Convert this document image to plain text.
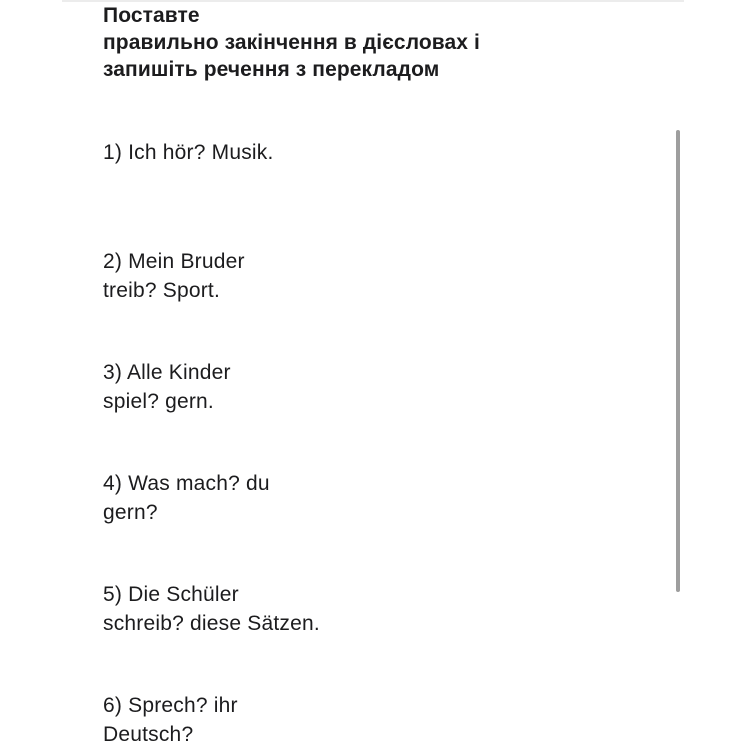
Поставте
правильно закінчення в дієсловах і
запишіть речення з перекладом

1) Ich hör? Musik.

2) Mein Bruder
treib? Sport.

3) Alle Kinder
spiel? gern.

4) Was mach? du
gern?

5) Die Schüler
schreib? diese Sätzen.

6) Sprech? ihr
Deutsch?
